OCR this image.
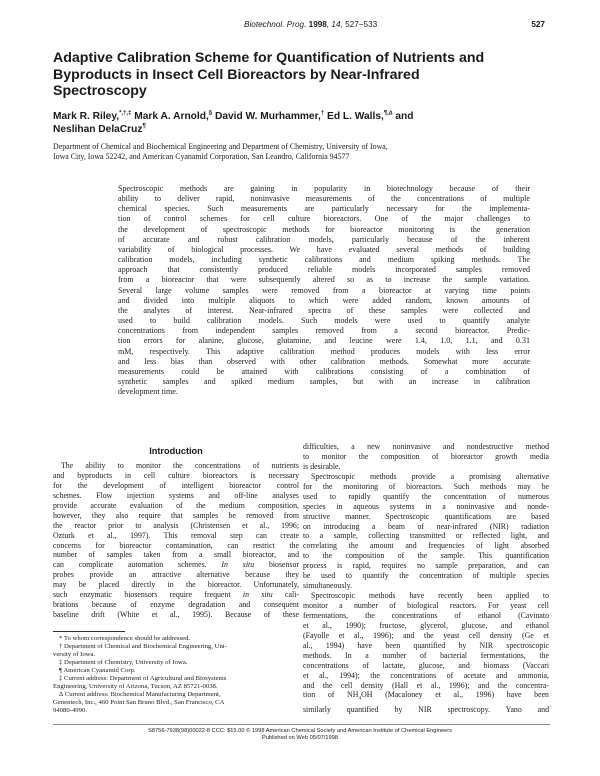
Biotechnol. Prog. 1998, 14, 527−533	527
Adaptive Calibration Scheme for Quantification of Nutrients and
Byproducts in Insect Cell Bioreactors by Near-Infrared
Spectroscopy
Mark R. Riley,*,†,‡ Mark A. Arnold,§ David W. Murhammer,† Ed L. Walls,¶,∆ and
Neslihan DelaCruz¶
Department of Chemical and Biochemical Engineering and Department of Chemistry, University of Iowa,
Iowa City, Iowa 52242, and American Cyanamid Corporation, San Leandro, California 94577
Spectroscopic methods are gaining in popularity in biotechnology because of their
ability to deliver rapid, noninvasive measurements of the concentrations of multiple
chemical species. Such measurements are particularly necessary for the implementa-
tion of control schemes for cell culture bioreactors. One of the major challenges to
the development of spectroscopic methods for bioreactor monitoring is the generation
of accurate and robust calibration models, particularly because of the inherent
variability of biological processes. We have evaluated several methods of building
calibration models, including synthetic calibrations and medium spiking methods. The
approach that consistently produced reliable models incorporated samples removed
from a bioreactor that were subsequently altered so as to increase the sample variation.
Several large volume samples were removed from a bioreactor at varying time points
and divided into multiple aliquots to which were added random, known amounts of
the analytes of interest. Near-infrared spectra of these samples were collected and
used to build calibration models. Such models were used to quantify analyte
concentrations from independent samples removed from a second bioreactor. Predic-
tion errors for alanine, glucose, glutamine, and leucine were 1.4, 1.0, 1.1, and 0.31
mM, respectively. This adaptive calibration method produces models with less error
and less bias than observed with other calibration methods. Somewhat more accurate
measurements could be attained with calibrations consisting of a combination of
synthetic samples and spiked medium samples, but with an increase in calibration
development time.
Introduction
The ability to monitor the concentrations of nutrients
and byproducts in cell culture bioreactors is necessary
for the development of intelligent bioreactor control
schemes. Flow injection systems and off-line analyses
provide accurate evaluation of the medium composition,
however, they also require that samples be removed from
the reactor prior to analysis (Christensen et al., 1996;
Ozturk et al., 1997). This removal step can create
concerns for bioreactor contamination, can restrict the
number of samples taken from a small bioreactor, and
can complicate automation schemes. In situ biosensor
probes provide an attractive alternative because they
may be placed directly in the bioreactor. Unfortunately,
such enzymatic biosensors require frequent in situ cali-
brations because of enzyme degradation and consequent
baseline drift (White et al., 1995). Because of these
* To whom correspondence should be addressed.
† Department of Chemical and Biochemical Engineering, Uni-
versity of Iowa.
‡ Department of Chemistry, University of Iowa.
¶ American Cyanamid Corp.
‡ Current address: Department of Agricultural and Biosystems
Engineering, University of Arizona, Tucson, AZ 85721-0038.
∆ Current address: Biochemical Manufacturing Department,
Genentech, Inc., 460 Point San Bruno Blvd., San Francisco, CA
94080-4990.
difficulties, a new noninvasive and nondestructive method
to monitor the composition of bioreactor growth media
is desirable.
Spectroscopic methods provide a promising alternative
for the monitoring of bioreactors. Such methods may be
used to rapidly quantify the concentration of numerous
species in aqueous systems in a noninvasive and nonde-
structive manner. Spectroscopic quantifications are based
on introducing a beam of near-infrared (NIR) radiation
to a sample, collecting transmitted or reflected light, and
correlating the amount and frequencies of light absorbed
to the composition of the sample. This quantification
process is rapid, requires no sample preparation, and can
be used to quantify the concentration of multiple species
simultaneously.
Spectroscopic methods have recently been applied to
monitor a number of biological reactors. For yeast cell
fermentations, the concentrations of ethanol (Cavinato
et al., 1990); fructose, glycerol, glucose, and ethanol
(Fayolle et al., 1996); and the yeast cell density (Ge et
al., 1994) have been quantified by NIR spectroscopic
methods. In a number of bacterial fermentations, the
concentrations of lactate, glucose, and biomass (Vaccari
et al., 1994); the concentrations of acetate and ammonia,
and the cell density (Hall et al., 1996); and the concentra-
tion of $NH_4OH$ (Macaloney et al., 1996) have been
similarly quantified by NIR spectroscopy. Yano and
S8756-7938(98)00022-8 CCC: $15.00 © 1998 American Chemical Society and American Institute of Chemical Engineers
Published on Web 05/07/1998
